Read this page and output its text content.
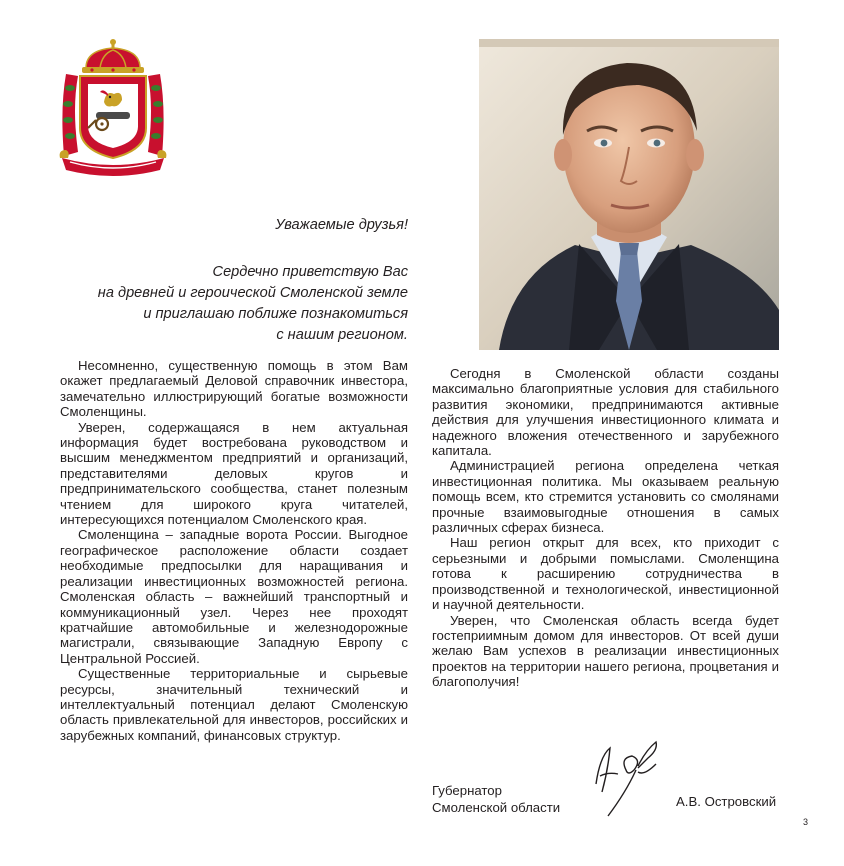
Уважаемые друзья!
Сердечно приветствую Вас
на древней и героической Смоленской земле
и приглашаю поближе познакомиться
с нашим регионом.

Несомненно, существенную помощь в этом Вам окажет предлагаемый Деловой справочник инвестора, замечательно иллюстрирующий богатые возможности Смоленщины.

Уверен, содержащаяся в нем актуальная информация будет востребована руководством и высшим менеджментом предприятий и организаций, представителями деловых кругов и предпринимательского сообщества, станет полезным чтением для широкого круга читателей, интересующихся потенциалом Смоленского края.

Смоленщина – западные ворота России. Выгодное географическое расположение области создает необходимые предпосылки для наращивания и реализации инвестиционных возможностей региона. Смоленская область – важнейший транспортный и коммуникационный узел. Через нее проходят кратчайшие автомобильные и железнодорожные магистрали, связывающие Западную Европу с Центральной Россией.

Существенные территориальные и сырьевые ресурсы, значительный технический и интеллектуальный потенциал делают Смоленскую область привлекательной для инвесторов, российских и зарубежных компаний, финансовых структур.

Сегодня в Смоленской области созданы максимально благоприятные условия для стабильного развития экономики, предпринимаются активные действия для улучшения инвестиционного климата и надежного вложения отечественного и зарубежного капитала.

Администрацией региона определена четкая инвестиционная политика. Мы оказываем реальную помощь всем, кто стремится установить со смолянами прочные взаимовыгодные отношения в самых различных сферах бизнеса.

Наш регион открыт для всех, кто приходит с серьезными и добрыми помыслами. Смоленщина готова к расширению сотрудничества в производственной и технологической, инвестиционной и научной деятельности.

Уверен, что Смоленская область всегда будет гостеприимным домом для инвесторов. От всей души желаю Вам успехов в реализации инвестиционных проектов на территории нашего региона, процветания и благополучия!

Губернатор
Смоленской области	А.В. Островский
3
